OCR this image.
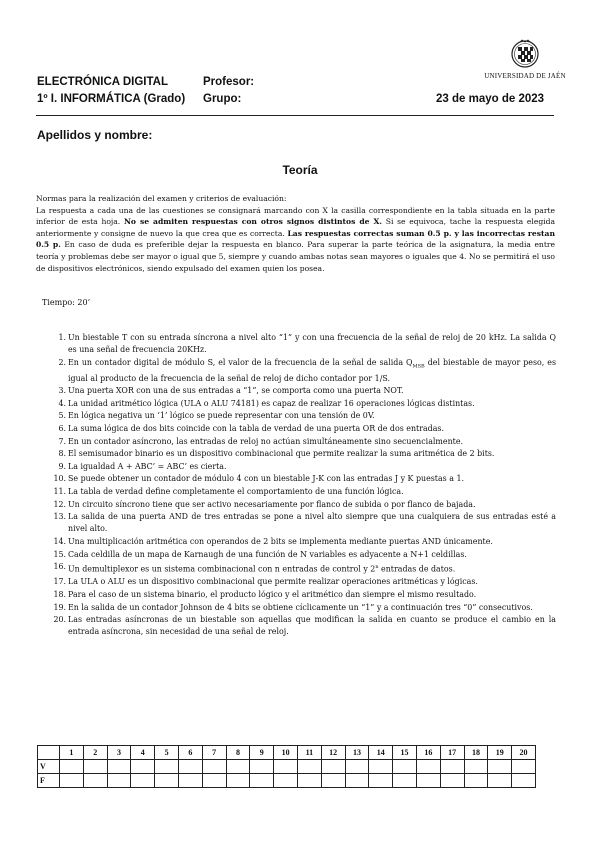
ELECTRÓNICA DIGITAL	Profesor:
1º I. INFORMÁTICA (Grado) Grupo:	23 de mayo de 2023
UNIVERSIDAD DE JAÉN
Apellidos y nombre:
Teoría

Normas para la realización del examen y criterios de evaluación:

La respuesta a cada una de las cuestiones se consignará marcando con X la casilla correspondiente en la tabla situada en la parte inferior de esta hoja. No se admiten respuestas con otros signos distintos de X. Si se equivoca, tache la respuesta elegida anteriormente y consigne de nuevo la que crea que es correcta. Las respuestas correctas suman 0.5 p. y las incorrectas restan 0.5 p. En caso de duda es preferible dejar la respuesta en blanco. Para superar la parte teórica de la asignatura, la media entre teoría y problemas debe ser mayor o igual que 5, siempre y cuando ambas notas sean mayores o iguales que 4. No se permitirá el uso de dispositivos electrónicos, siendo expulsado del examen quien los posea.

Tiempo: 20’
1. Un biestable T con su entrada síncrona a nivel alto “1” y con una frecuencia de la señal de reloj de 20 kHz. La salida Q es una señal de frecuencia 20KHz.
2. En un contador digital de módulo S, el valor de la frecuencia de la señal de salida $Q_{MSB}$ del biestable de mayor peso, es igual al producto de la frecuencia de la señal de reloj de dicho contador por 1/S.
3. Una puerta XOR con una de sus entradas a “1”, se comporta como una puerta NOT.
4. La unidad aritmético lógica (ULA o ALU 74181) es capaz de realizar 16 operaciones lógicas distintas.
5. En lógica negativa un ‘1’ lógico se puede representar con una tensión de 0V.
6. La suma lógica de dos bits coincide con la tabla de verdad de una puerta OR de dos entradas.
7. En un contador asíncrono, las entradas de reloj no actúan simultáneamente sino secuencialmente.
8. El semisumador binario es un dispositivo combinacional que permite realizar la suma aritmética de 2 bits.
9. La igualdad A + ABC’ = ABC’ es cierta.
10. Se puede obtener un contador de módulo 4 con un biestable J-K con las entradas J y K puestas a 1.
11. La tabla de verdad define completamente el comportamiento de una función lógica.
12. Un circuito síncrono tiene que ser activo necesariamente por flanco de subida o por flanco de bajada.
13. La salida de una puerta AND de tres entradas se pone a nivel alto siempre que una cualquiera de sus entradas esté a nivel alto.
14. Una multiplicación aritmética con operandos de 2 bits se implementa mediante puertas AND únicamente.
15. Cada celdilla de un mapa de Karnaugh de una función de N variables es adyacente a N+1 celdillas.
16. Un demultiplexor es un sistema combinacional con n entradas de control y 2$^n$ entradas de datos.
17. La ULA o ALU es un dispositivo combinacional que permite realizar operaciones aritméticas y lógicas.
18. Para el caso de un sistema binario, el producto lógico y el aritmético dan siempre el mismo resultado.
19. En la salida de un contador Johnson de 4 bits se obtiene cíclicamente un “1” y a continuación tres “0” consecutivos.
20. Las entradas asíncronas de un biestable son aquellas que modifican la salida en cuanto se produce el cambio en la entrada asíncrona, sin necesidad de una señal de reloj.
	1	2	3	4	5	6	7	8	9	10	11	12	13	14	15	16	17	18	19	20
V																				
F																				
